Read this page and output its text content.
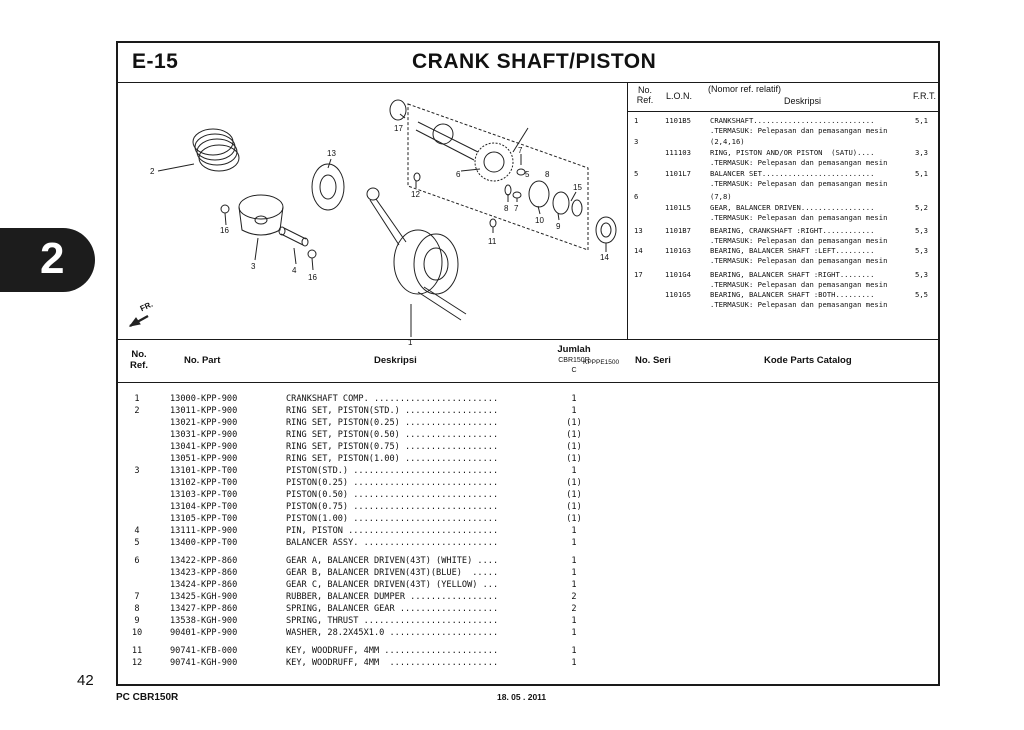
2
E-15	CRANK SHAFT/PISTON
2
13
17
5
7
6	8
15
8 7
10
9
12
11
16
3	4
16
1
14
FR.
KPPPE1500
No.
Ref.	L.O.N.
(Nomor ref. relatif)
Deskripsi	F.R.T.
1	1101B5	CRANKSHAFT............................	5,1
.TERMASUK: Pelepasan dan pemasangan mesin
3	(2,4,16)
111103	RING, PISTON AND/OR PISTON  (SATU)....	3,3
.TERMASUK: Pelepasan dan pemasangan mesin
5	1101L7	BALANCER SET..........................	5,1
.TERMASUK: Pelepasan dan pemasangan mesin
6	(7,8)
1101L5	GEAR, BALANCER DRIVEN.................	5,2
.TERMASUK: Pelepasan dan pemasangan mesin
13	1101B7	BEARING, CRANKSHAFT :RIGHT............	5,3
.TERMASUK: Pelepasan dan pemasangan mesin
14	1101G3	BEARING, BALANCER SHAFT :LEFT.........	5,3
.TERMASUK: Pelepasan dan pemasangan mesin
17	1101G4	BEARING, BALANCER SHAFT :RIGHT........	5,3
.TERMASUK: Pelepasan dan pemasangan mesin
1101G5	BEARING, BALANCER SHAFT :BOTH.........	5,5
.TERMASUK: Pelepasan dan pemasangan mesin
No.
Ref.	No. Part	Deskripsi
Jumlah
CBR150R
C
No. Seri	Kode Parts Catalog
1	13000-KPP-900	CRANKSHAFT COMP. ........................	1
2	13011-KPP-900	RING SET, PISTON(STD.) ..................	1
13021-KPP-900	RING SET, PISTON(0.25) ..................	(1)
13031-KPP-900	RING SET, PISTON(0.50) ..................	(1)
13041-KPP-900	RING SET, PISTON(0.75) ..................	(1)
13051-KPP-900	RING SET, PISTON(1.00) ..................	(1)
3	13101-KPP-T00	PISTON(STD.) ............................	1
13102-KPP-T00	PISTON(0.25) ............................	(1)
13103-KPP-T00	PISTON(0.50) ............................	(1)
13104-KPP-T00	PISTON(0.75) ............................	(1)
13105-KPP-T00	PISTON(1.00) ............................	(1)
4	13111-KPP-900	PIN, PISTON .............................	1
5	13400-KPP-T00	BALANCER ASSY. ..........................	1
6	13422-KPP-860	GEAR A, BALANCER DRIVEN(43T) (WHITE) ....	1
13423-KPP-860	GEAR B, BALANCER DRIVEN(43T)(BLUE)  .....	1
13424-KPP-860	GEAR C, BALANCER DRIVEN(43T) (YELLOW) ...	1
7	13425-KGH-900	RUBBER, BALANCER DUMPER .................	2
8	13427-KPP-860	SPRING, BALANCER GEAR ...................	2
9	13538-KGH-900	SPRING, THRUST ..........................	1
10	90401-KPP-900	WASHER, 28.2X45X1.0 .....................	1
11	90741-KFB-000	KEY, WOODRUFF, 4MM ......................	1
12	90741-KGH-900	KEY, WOODRUFF, 4MM  .....................	1
42
PC CBR150R	18. 05 . 2011
